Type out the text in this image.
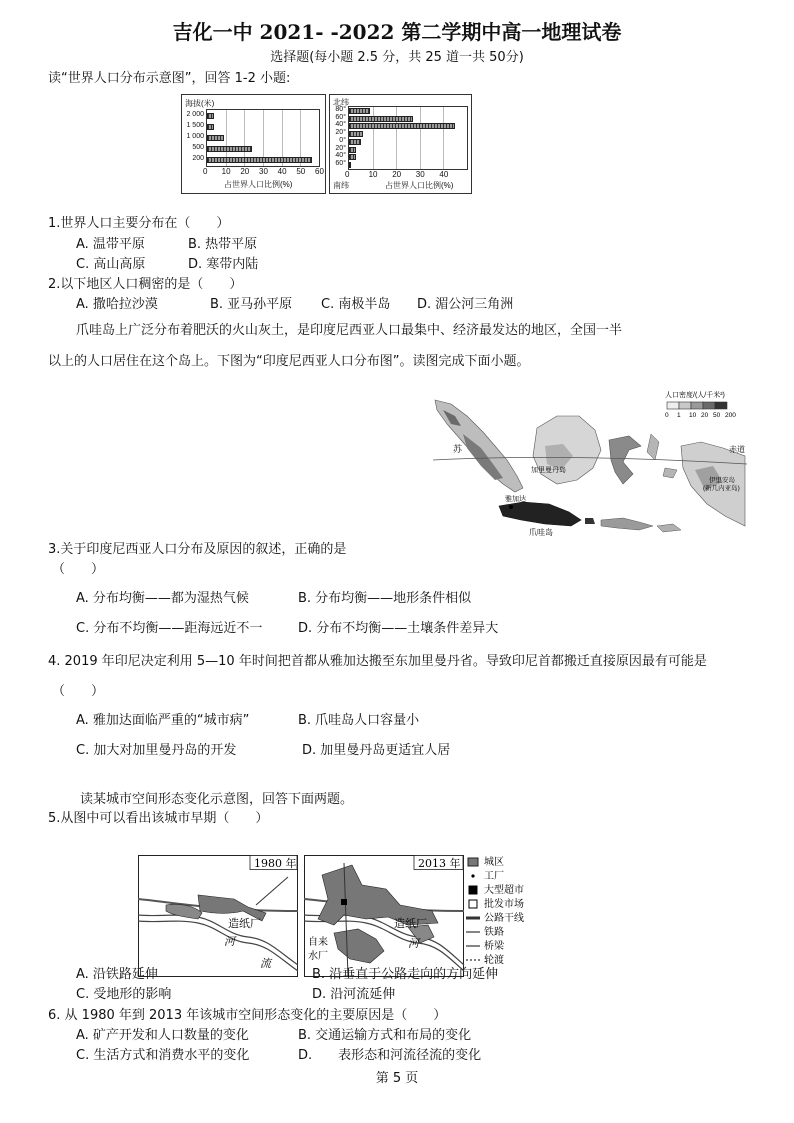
吉化一中 2021- -2022 第二学期中高一地理试卷
选择题(每小题 2.5 分，共 25 道一共 50分)
读“世界人口分布示意图”，回答 1-2 小题:
海拔(米)
占世界人口比例(%)
0 10 20 30 40 50 60
2 000
1 500
1 000
500
200
北纬
南纬	占世界人口比例(%)
0 10 20 30 40
80°
60°
40°
20°
0°
20°
40°
60°
1.世界人口主要分布在（　　）
A. 温带平原	B. 热带平原
C. 高山高原	D. 寒带内陆
2.以下地区人口稠密的是（　　）
A. 撒哈拉沙漠	B. 亚马孙平原 C. 南极半岛 D. 湄公河三角洲
爪哇岛上广泛分布着肥沃的火山灰土，是印度尼西亚人口最集中、经济最发达的地区，全国一半
以上的人口居住在这个岛上。下图为“印度尼西亚人口分布图”。读图完成下面小题。
人口密度/(人/千米²)
0 1 10 20 50 200
赤道
苏
加里曼丹岛
雅加达
爪哇岛
伊里安岛
(新几内亚岛)
3.关于印度尼西亚人口分布及原因的叙述，正确的是
（　　）
A. 分布均衡——都为湿热气候	B. 分布均衡——地形条件相似
C. 分布不均衡——距海远近不一	D. 分布不均衡——土壤条件差异大
4. 2019 年印尼决定利用 5—10 年时间把首都从雅加达搬至东加里曼丹省。导致印尼首都搬迁直接原因最有可能是
（　　）
A. 雅加达面临严重的“城市病”	B. 爪哇岛人口容量小
C. 加大对加里曼丹岛的开发	D. 加里曼丹岛更适宜人居
读某城市空间形态变化示意图，回答下面两题。
5.从图中可以看出该城市早期（　　）
1980 年
造纸厂
河
流
2013 年
造纸厂
河
自来
水厂
城区
工厂
大型超市
批发市场
公路干线
铁路
桥梁
轮渡
A. 沿铁路延伸	B. 沿垂直于公路走向的方向延伸
C. 受地形的影响	D. 沿河流延伸
6. 从 1980 年到 2013 年该城市空间形态变化的主要原因是（　　）
A. 矿产开发和人口数量的变化	B. 交通运输方式和布局的变化
C. 生活方式和消费水平的变化	D.　　表形态和河流径流的变化
第 5 页
